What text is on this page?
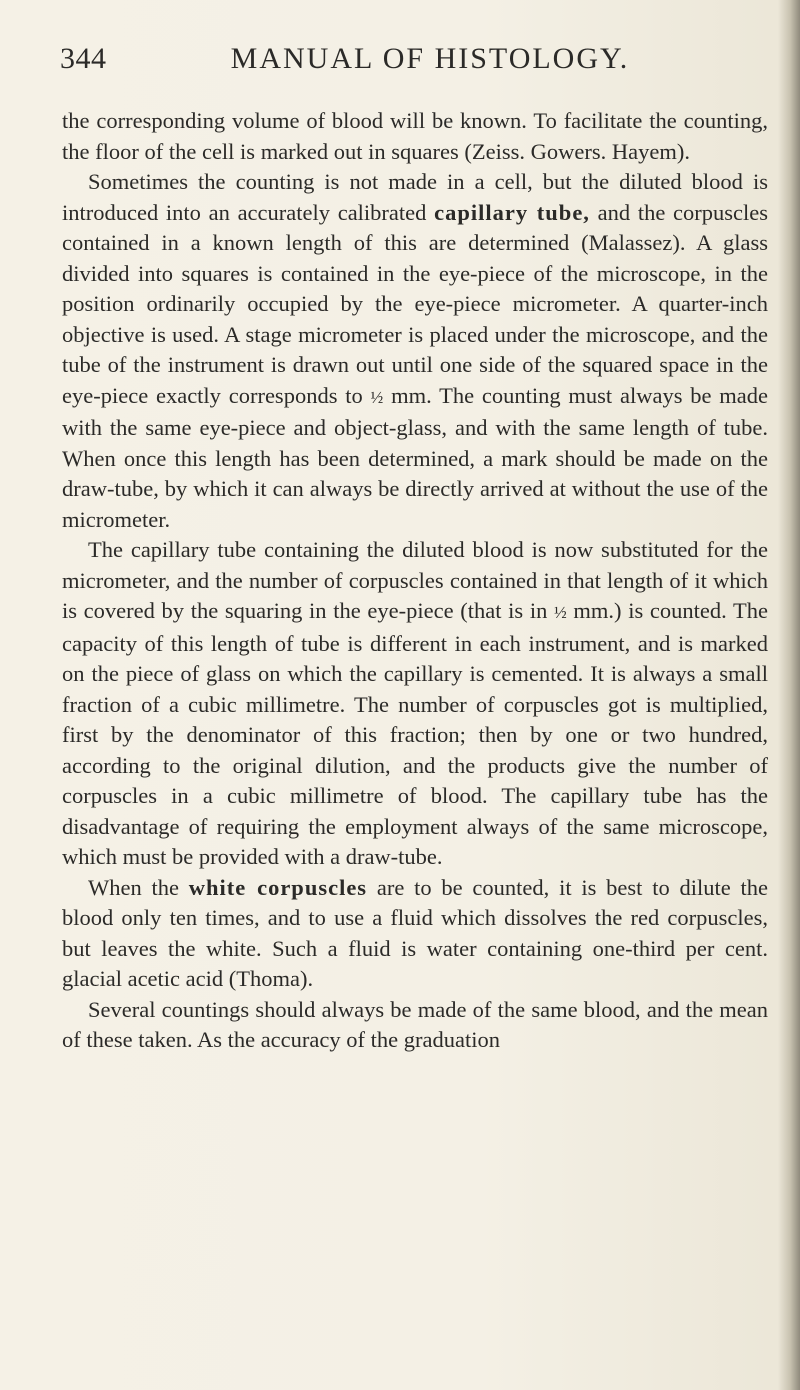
344	MANUAL OF HISTOLOGY.

the corresponding volume of blood will be known. To facilitate the counting, the floor of the cell is marked out in squares (Zeiss. Gowers. Hayem).

Sometimes the counting is not made in a cell, but the diluted blood is introduced into an accurately calibrated capillary tube, and the corpuscles contained in a known length of this are determined (Malassez). A glass divided into squares is contained in the eye-piece of the microscope, in the position ordinarily occupied by the eye-piece micrometer. A quarter-inch objective is used. A stage micrometer is placed under the microscope, and the tube of the instrument is drawn out until one side of the squared space in the eye-piece exactly corresponds to ½ mm. The counting must always be made with the same eye-piece and object-glass, and with the same length of tube. When once this length has been determined, a mark should be made on the draw-tube, by which it can always be directly arrived at without the use of the micrometer.

The capillary tube containing the diluted blood is now substituted for the micrometer, and the number of corpuscles contained in that length of it which is covered by the squaring in the eye-piece (that is in ½ mm.) is counted. The capacity of this length of tube is different in each instrument, and is marked on the piece of glass on which the capillary is cemented. It is always a small fraction of a cubic millimetre. The number of corpuscles got is multiplied, first by the denominator of this fraction; then by one or two hundred, according to the original dilution, and the products give the number of corpuscles in a cubic millimetre of blood. The capillary tube has the disadvantage of requiring the employment always of the same microscope, which must be provided with a draw-tube.

When the white corpuscles are to be counted, it is best to dilute the blood only ten times, and to use a fluid which dissolves the red corpuscles, but leaves the white. Such a fluid is water containing one-third per cent. glacial acetic acid (Thoma).

Several countings should always be made of the same blood, and the mean of these taken. As the accuracy of the graduation
